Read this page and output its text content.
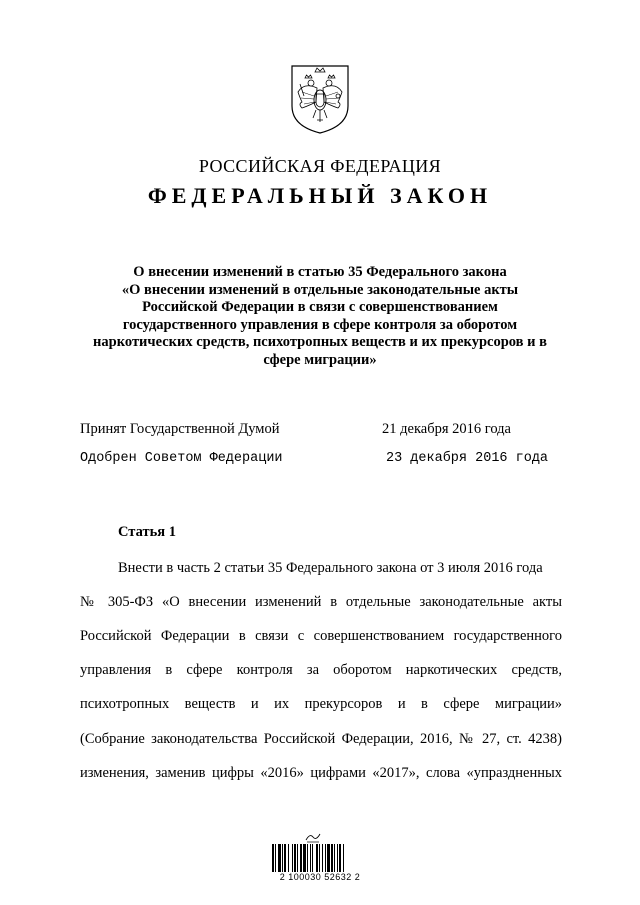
РОССИЙСКАЯ ФЕДЕРАЦИЯ
ФЕДЕРАЛЬНЫЙ ЗАКОН
О внесении изменений в статью 35 Федерального закона
«О внесении изменений в отдельные законодательные акты
Российской Федерации в связи с совершенствованием
государственного управления в сфере контроля за оборотом
наркотических средств, психотропных веществ и их прекурсоров и в
сфере миграции»
Принят Государственной Думой	21 декабря 2016 года
Одобрен Советом Федерации	23 декабря 2016 года
Статья 1
Внести в часть 2 статьи 35 Федерального закона от 3 июля 2016 года
№ 305-ФЗ «О внесении изменений в отдельные законодательные акты
Российской Федерации в связи с совершенствованием государственного
управления в сфере контроля за оборотом наркотических средств,
психотропных веществ и их прекурсоров и в сфере миграции»
(Собрание законодательства Российской Федерации, 2016, № 27, ст. 4238)
изменения, заменив цифры «2016» цифрами «2017», слова «упраздненных
2 100030 52632 2
